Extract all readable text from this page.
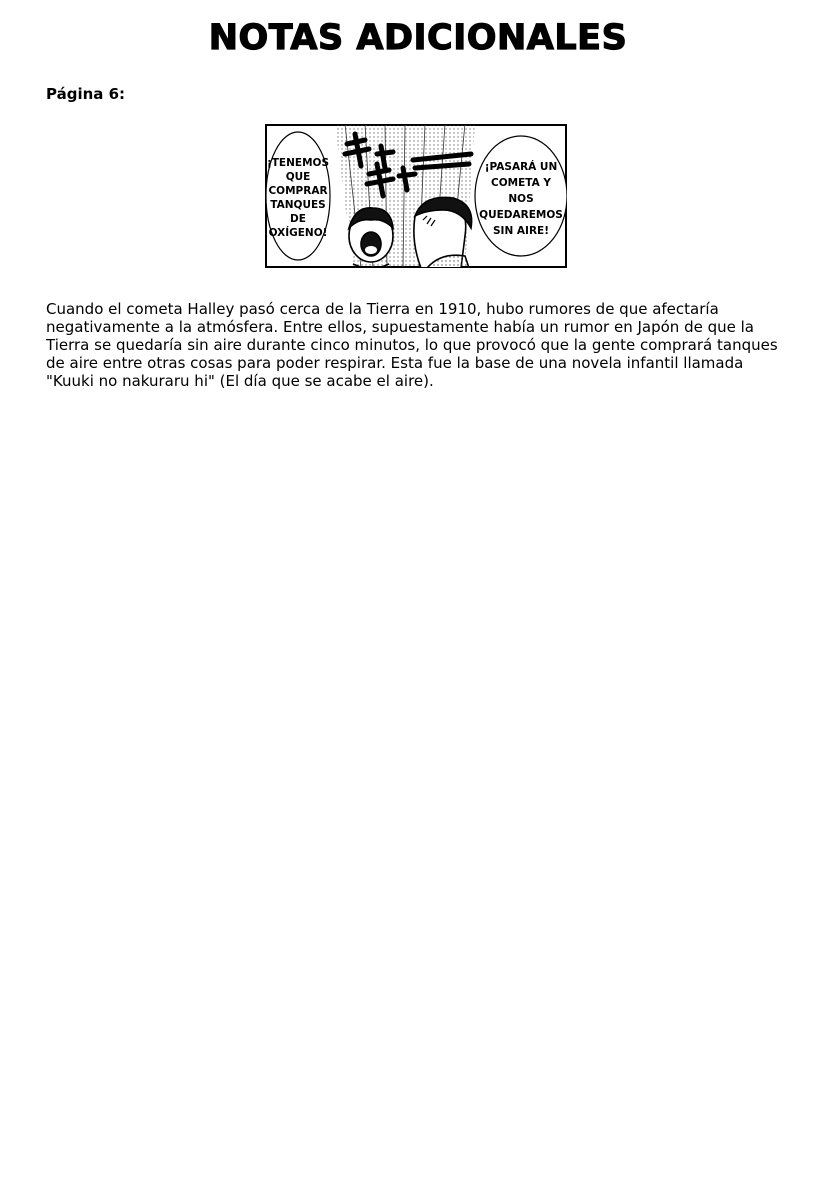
NOTAS ADICIONALES
Página 6:
¡TENEMOS
QUE
COMPRAR
TANQUES
DE
OXÍGENO!
¡PASARÁ UN
COMETA Y
NOS
QUEDAREMOS
SIN AIRE!
Cuando el cometa Halley pasó cerca de la Tierra en 1910, hubo rumores de que afectaría
negativamente a la atmósfera. Entre ellos, supuestamente había un rumor en Japón de que la
Tierra se quedaría sin aire durante cinco minutos, lo que provocó que la gente comprará tanques
de aire entre otras cosas para poder respirar. Esta fue la base de una novela infantil llamada
"Kuuki no nakuraru hi" (El día que se acabe el aire).
